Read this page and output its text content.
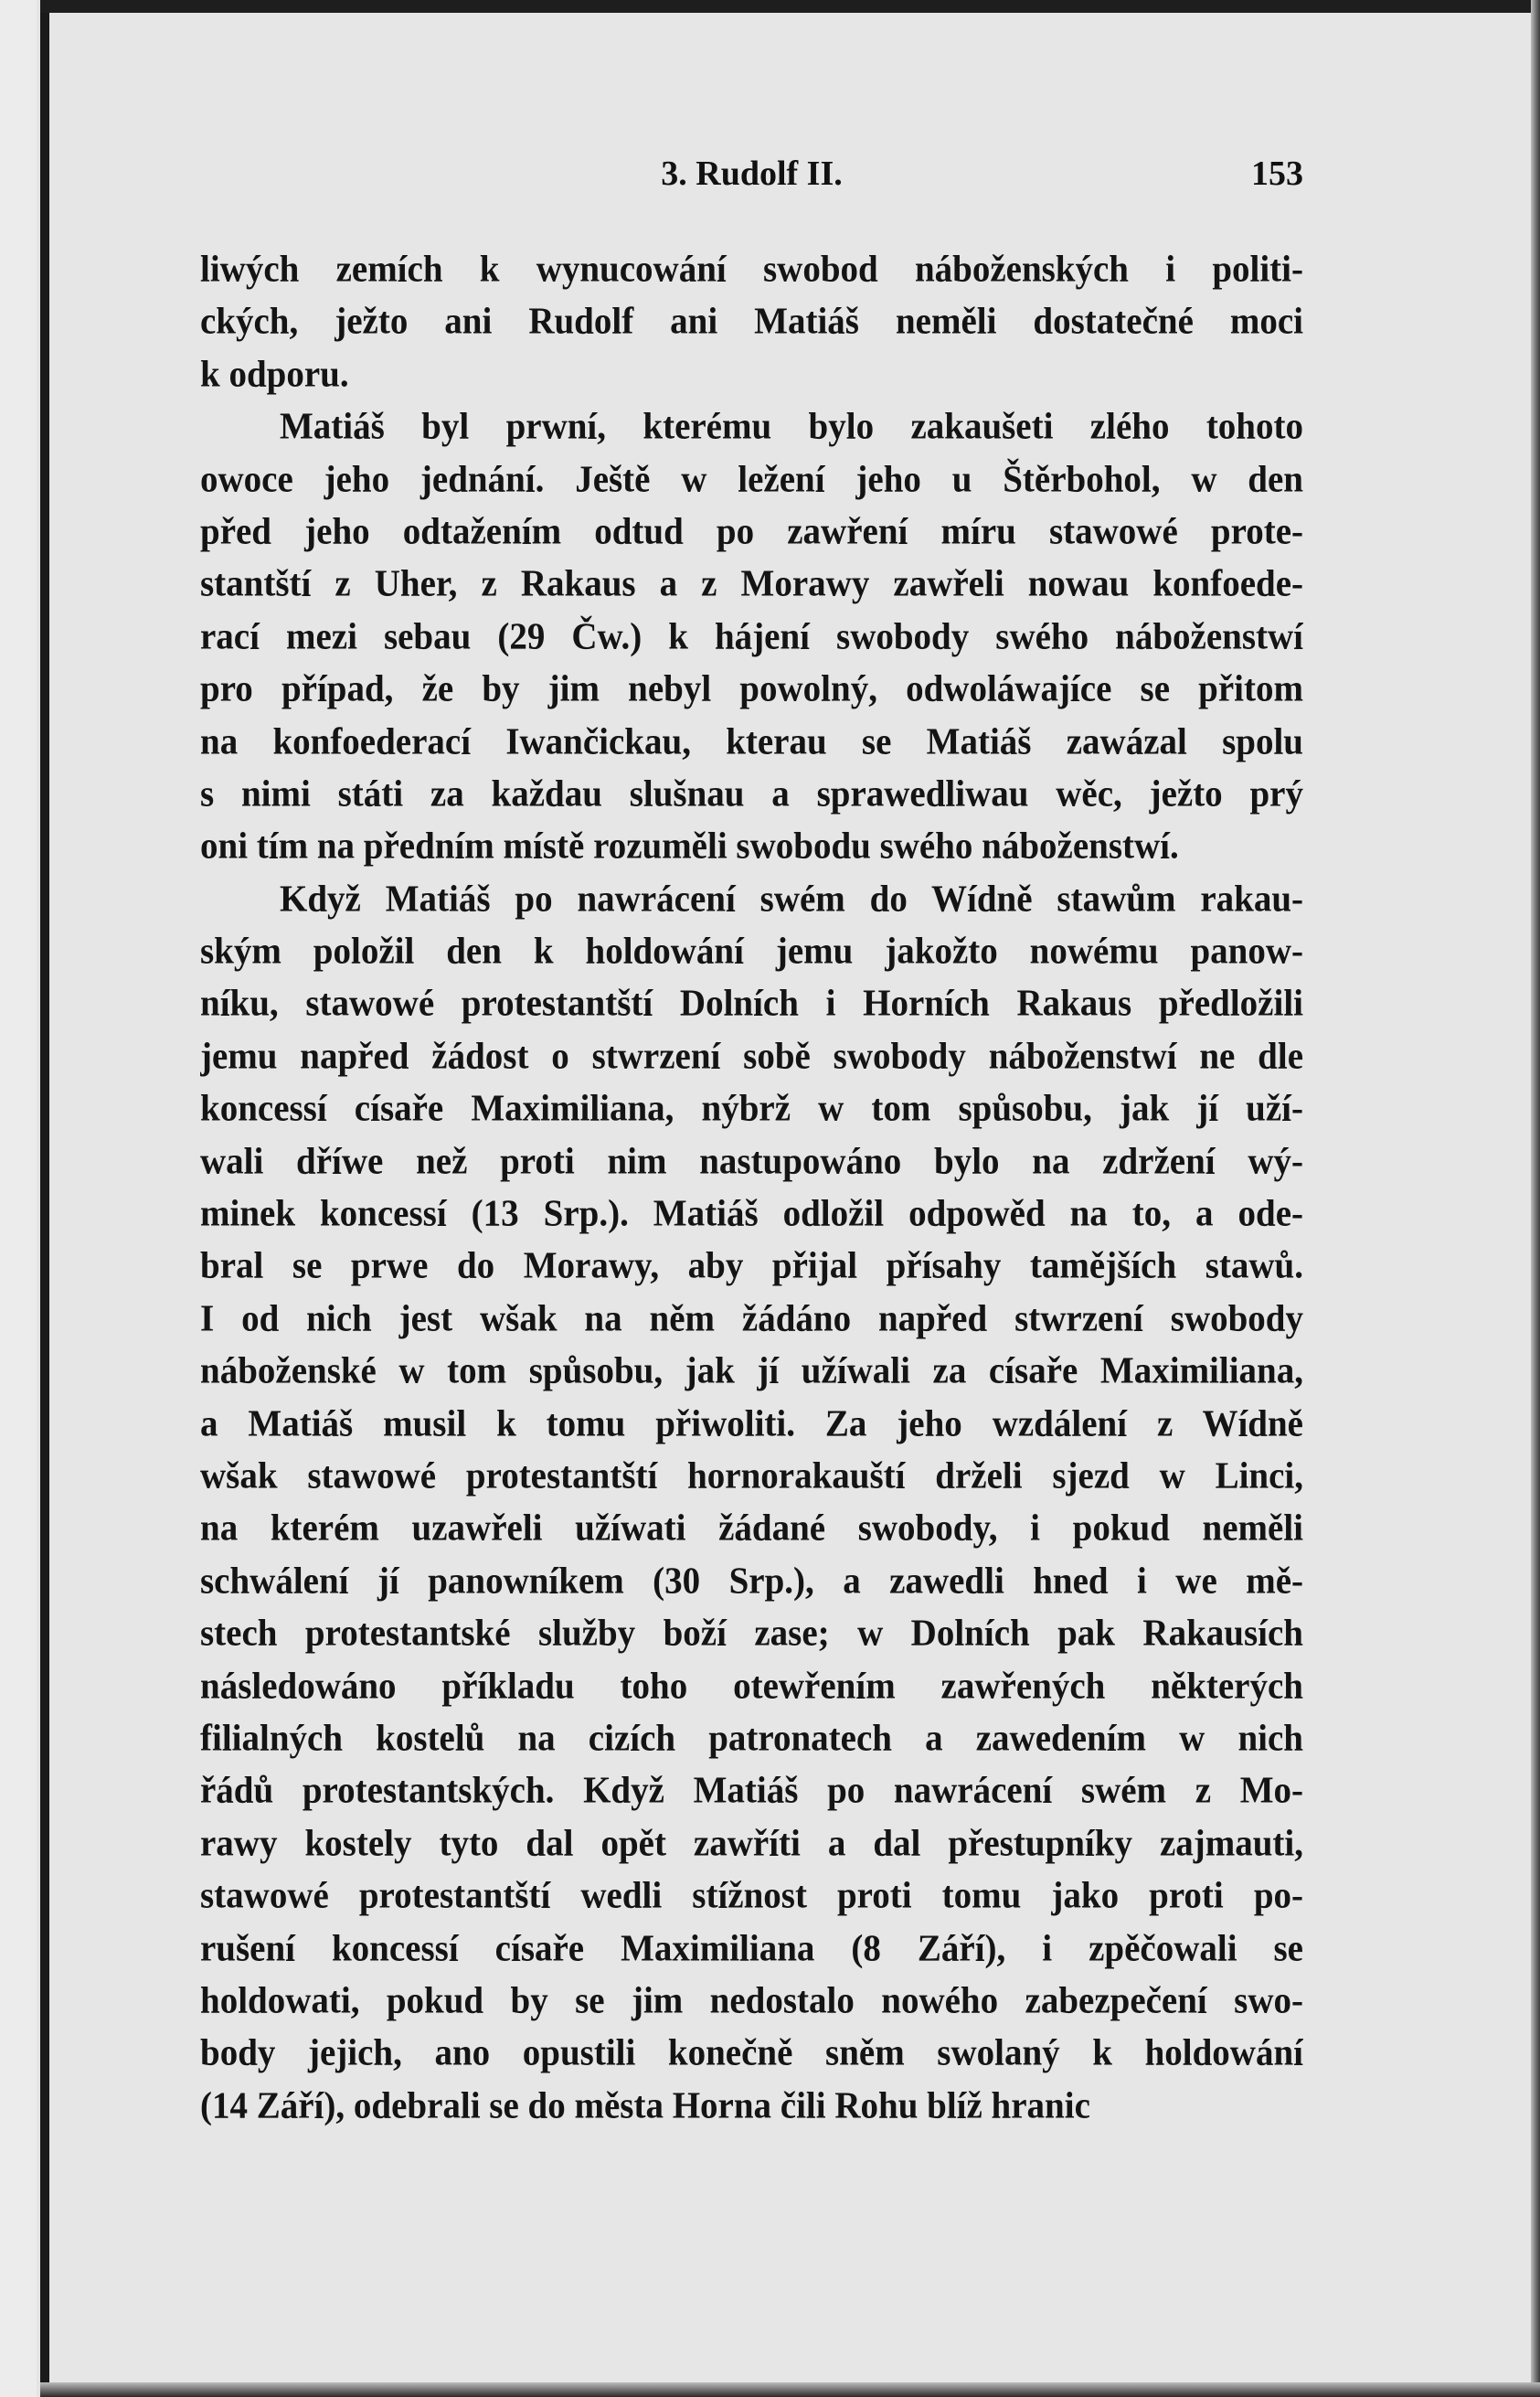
3. Rudolf II.	153
liwých zemích k wynucowání swobod náboženských i politi-
ckých, ježto ani Rudolf ani Matiáš neměli dostatečné moci
k odporu.
Matiáš byl prwní, kterému bylo zakaušeti zlého tohoto
owoce jeho jednání. Ještě w ležení jeho u Štěrbohol, w den
před jeho odtažením odtud po zawření míru stawowé prote-
stantští z Uher, z Rakaus a z Morawy zawřeli nowau konfoede-
rací mezi sebau (29 Čw.) k hájení swobody swého náboženstwí
pro případ, že by jim nebyl powolný, odwoláwajíce se přitom
na konfoederací Iwančickau, kterau se Matiáš zawázal spolu
s nimi státi za každau slušnau a sprawedliwau wěc, ježto prý
oni tím na předním místě rozuměli swobodu swého náboženstwí.
Když Matiáš po nawrácení swém do Wídně stawům rakau-
ským položil den k holdowání jemu jakožto nowému panow-
níku, stawowé protestantští Dolních i Horních Rakaus předložili
jemu napřed žádost o stwrzení sobě swobody náboženstwí ne dle
koncessí císaře Maximiliana, nýbrž w tom spůsobu, jak jí uží-
wali dříwe než proti nim nastupowáno bylo na zdržení wý-
minek koncessí (13 Srp.). Matiáš odložil odpowěd na to, a ode-
bral se prwe do Morawy, aby přijal přísahy tamějších stawů.
I od nich jest wšak na něm žádáno napřed stwrzení swobody
náboženské w tom spůsobu, jak jí užíwali za císaře Maximiliana,
a Matiáš musil k tomu přiwoliti. Za jeho wzdálení z Wídně
wšak stawowé protestantští hornorakauští drželi sjezd w Linci,
na kterém uzawřeli užíwati žádané swobody, i pokud neměli
schwálení jí panowníkem (30 Srp.), a zawedli hned i we mě-
stech protestantské služby boží zase; w Dolních pak Rakausích
následowáno příkladu toho otewřením zawřených některých
filialných kostelů na cizích patronatech a zawedením w nich
řádů protestantských. Když Matiáš po nawrácení swém z Mo-
rawy kostely tyto dal opět zawříti a dal přestupníky zajmauti,
stawowé protestantští wedli stížnost proti tomu jako proti po-
rušení koncessí císaře Maximiliana (8 Září), i zpěčowali se
holdowati, pokud by se jim nedostalo nowého zabezpečení swo-
body jejich, ano opustili konečně sněm swolaný k holdowání
(14 Září), odebrali se do města Horna čili Rohu blíž hranic
